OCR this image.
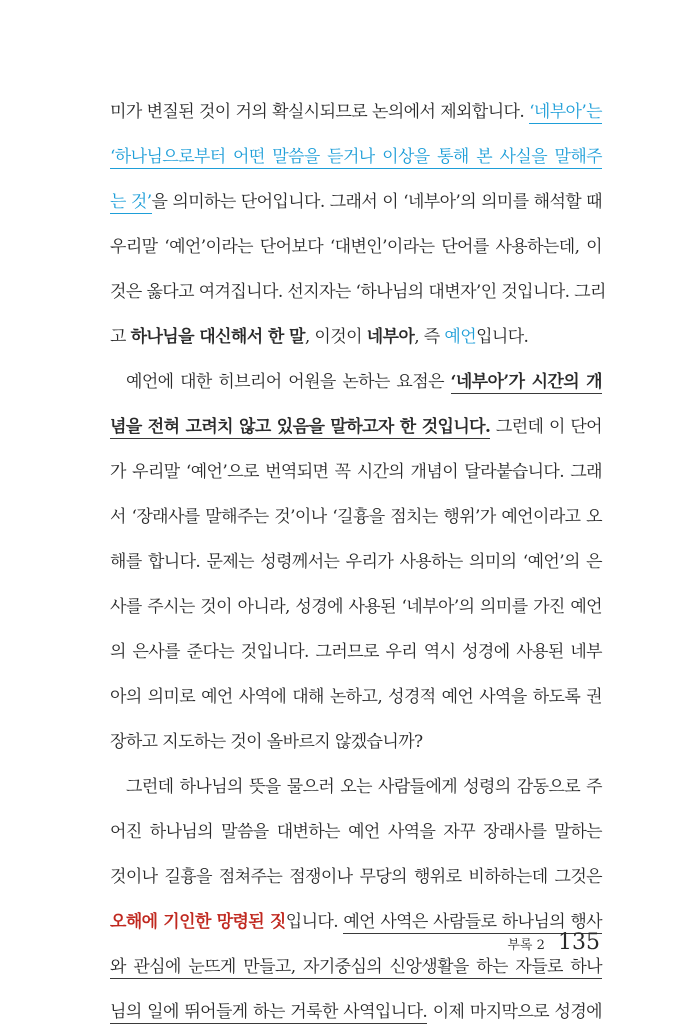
미가 변질된 것이 거의 확실시되므로 논의에서 제외합니다. ‘네부아’는
‘하나님으로부터 어떤 말씀을 듣거나 이상을 통해 본 사실을 말해주
는 것’을 의미하는 단어입니다. 그래서 이 ‘네부아’의 의미를 해석할 때
우리말 ‘예언’이라는 단어보다 ‘대변인’이라는 단어를 사용하는데, 이
것은 옳다고 여겨집니다. 선지자는 ‘하나님의 대변자’인 것입니다. 그리
고 하나님을 대신해서 한 말, 이것이 네부아, 즉 예언입니다.
예언에 대한 히브리어 어원을 논하는 요점은 ‘네부아’가 시간의 개
념을 전혀 고려치 않고 있음을 말하고자 한 것입니다. 그런데 이 단어
가 우리말 ‘예언’으로 번역되면 꼭 시간의 개념이 달라붙습니다. 그래
서 ‘장래사를 말해주는 것’이나 ‘길흉을 점치는 행위’가 예언이라고 오
해를 합니다. 문제는 성령께서는 우리가 사용하는 의미의 ‘예언’의 은
사를 주시는 것이 아니라, 성경에 사용된 ‘네부아’의 의미를 가진 예언
의 은사를 준다는 것입니다. 그러므로 우리 역시 성경에 사용된 네부
아의 의미로 예언 사역에 대해 논하고, 성경적 예언 사역을 하도록 권
장하고 지도하는 것이 올바르지 않겠습니까?
그런데 하나님의 뜻을 물으러 오는 사람들에게 성령의 감동으로 주
어진 하나님의 말씀을 대변하는 예언 사역을 자꾸 장래사를 말하는
것이나 길흉을 점쳐주는 점쟁이나 무당의 행위로 비하하는데 그것은
오해에 기인한 망령된 짓입니다. 예언 사역은 사람들로 하나님의 행사
와 관심에 눈뜨게 만들고, 자기중심의 신앙생활을 하는 자들로 하나
님의 일에 뛰어들게 하는 거룩한 사역입니다. 이제 마지막으로 성경에
부록 2 135
